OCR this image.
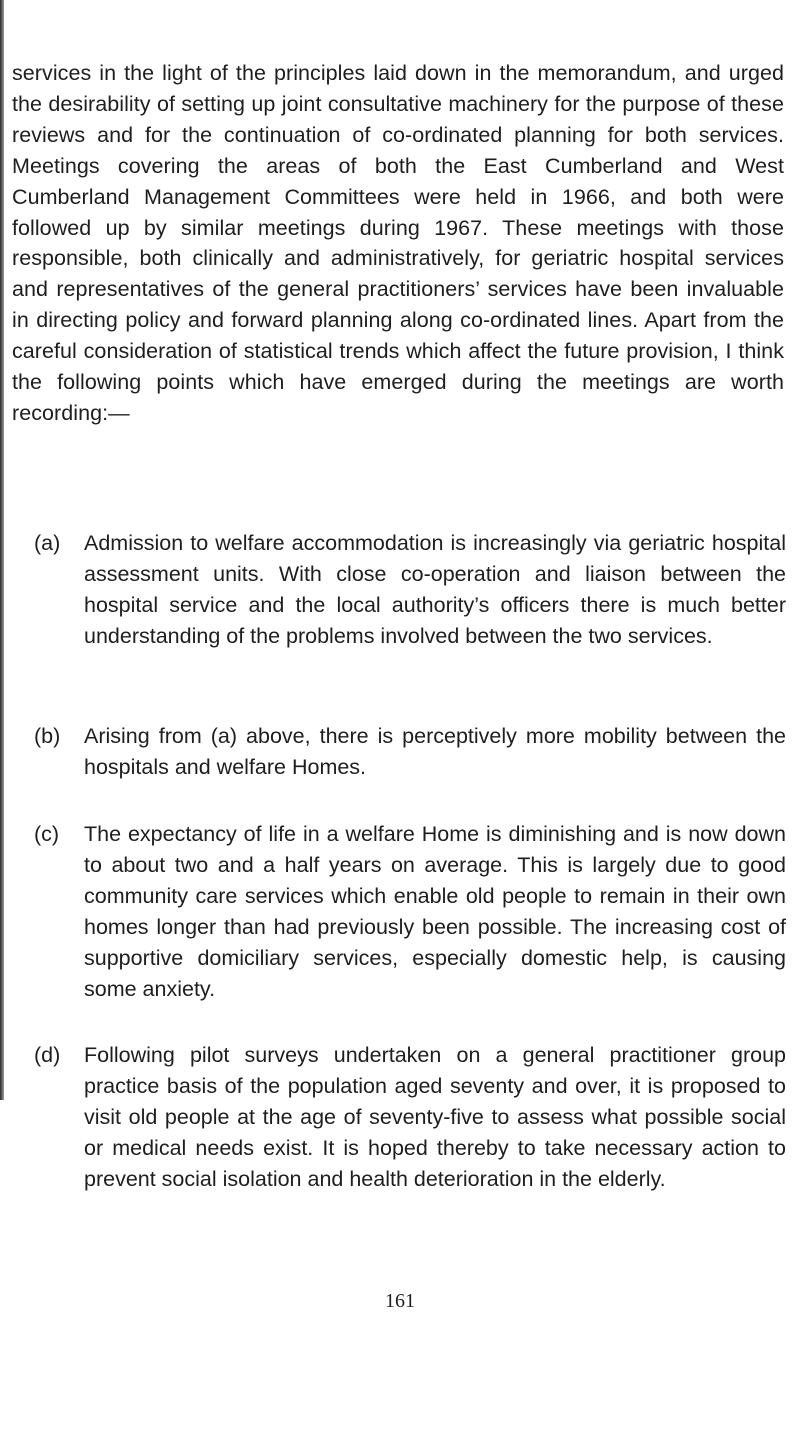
services in the light of the principles laid down in the memorandum, and urged the desirability of setting up joint consultative machinery for the purpose of these reviews and for the continuation of co-ordinated planning for both services. Meetings covering the areas of both the East Cumberland and West Cumberland Management Committees were held in 1966, and both were followed up by similar meetings during 1967. These meetings with those responsible, both clinically and administratively, for geriatric hospital services and representatives of the general practitioners’ services have been invaluable in directing policy and forward planning along co-ordinated lines. Apart from the careful consideration of statistical trends which affect the future provision, I think the following points which have emerged during the meetings are worth recording:—

(a)	Admission to welfare accommodation is increasingly via geriatric hospital assessment units. With close co-operation and liaison between the hospital service and the local authority’s officers there is much better understanding of the problems involved between the two services.

(b)	Arising from (a) above, there is perceptively more mobility between the hospitals and welfare Homes.

(c)	The expectancy of life in a welfare Home is diminishing and is now down to about two and a half years on average. This is largely due to good community care services which enable old people to remain in their own homes longer than had previously been possible. The increasing cost of supportive domiciliary services, especially domestic help, is causing some anxiety.

(d)	Following pilot surveys undertaken on a general practitioner group practice basis of the population aged seventy and over, it is proposed to visit old people at the age of seventy-five to assess what possible social or medical needs exist. It is hoped thereby to take necessary action to prevent social isolation and health deterioration in the elderly.

161
